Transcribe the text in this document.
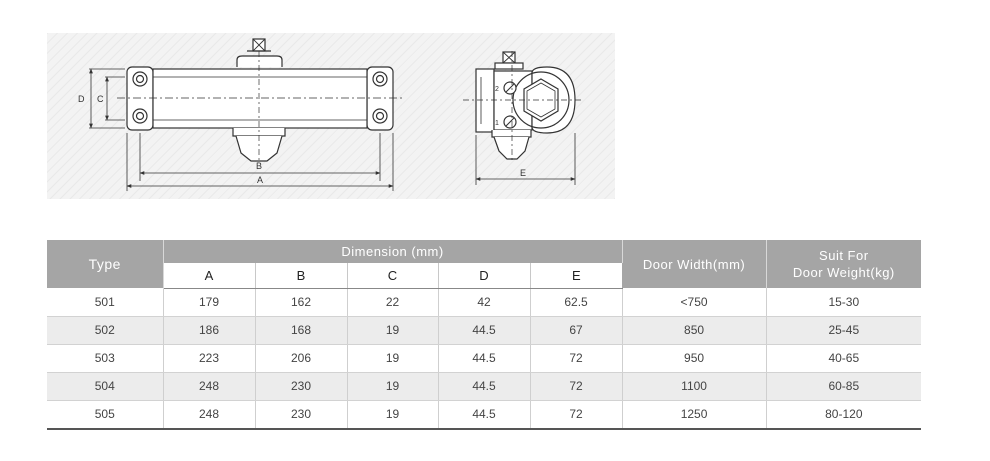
D C
B
A
2
1
E
Type	Dimension (mm)					Door Width(mm)	Suit For
Door Weight(kg)
	A	B	C	D	E		
501	179	162	22	42	62.5	<750	15-30
502	186	168	19	44.5	67	850	25-45
503	223	206	19	44.5	72	950	40-65
504	248	230	19	44.5	72	1100	60-85
505	248	230	19	44.5	72	1250	80-120
